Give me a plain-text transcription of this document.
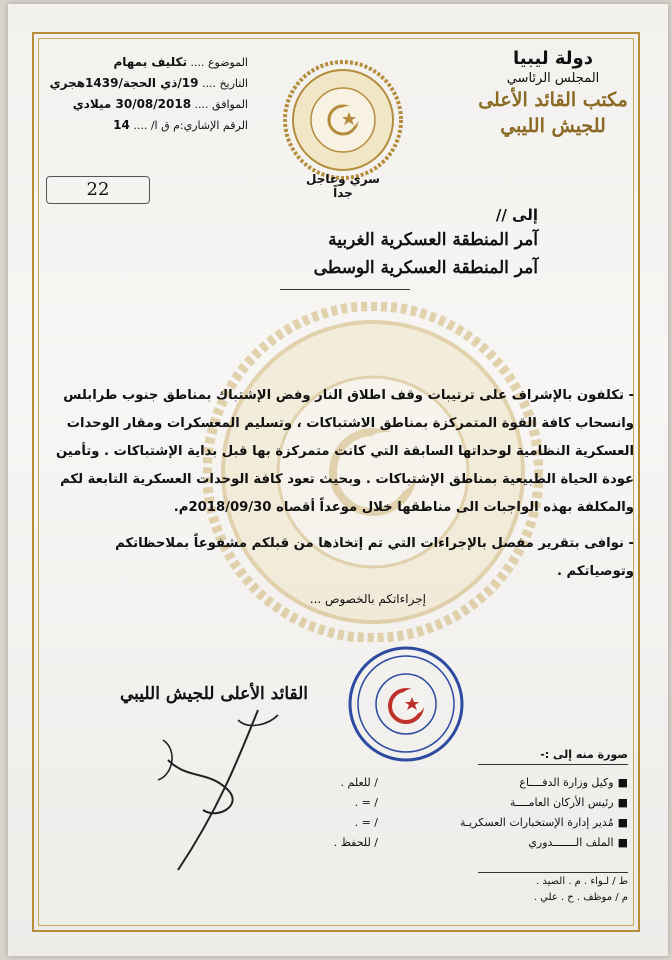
دولة ليبيا
المجلس الرئاسي
مكتب القائد الأعلى
للجيش الليبي
الموضوع .... تكليف بمهام
التاريخ .... 19/ذي الحجة/1439هجري
الموافق .... 30/08/2018 ميلادي
الرقم الإشاري:م ق ا/ .... 14
سري وعاجل جداً
22
إلى //
آمر المنطقة العسكرية الغربية
آمر المنطقة العسكرية الوسطى
- تكلفون بالإشراف على ترتيبات وقف اطلاق النار وفض الإشتباك بمناطق جنوب طرابلس وانسحاب كافة القوة المتمركزة بمناطق الاشتباكات ، وتسليم المعسكرات ومقار الوحدات العسكرية النظامية لوحداتها السابقة التي كانت متمركزة بها قبل بداية الإشتباكات . وتأمين عودة الحياة الطبيعية بمناطق الإشتباكات . وبحيث تعود كافة الوحدات العسكرية التابعة لكم والمكلفة بهذه الواجبات الى مناطقها خلال موعداً أقصاه 2018/09/30م.
- نوافى بتقرير مفصل بالإجراءات التي تم إتخاذها من قبلكم مشفوعاً بملاحظاتكم وتوصياتكم .
إجراءاتكم بالخصوص ...
القائد الأعلى للجيش الليبي
صورة منه إلى :-
■وكيل وزارة الدفــــاع
/ للعلم .
■رئيس الأركان العامــــة
/ = .
■مُدير إدارة الإستخبارات العسكريـة
/ = .
■الملف الـــــــدوري
/ للحفظ .
ط / لـواء . م . الصيد .
م / موظف . ح . علي .
